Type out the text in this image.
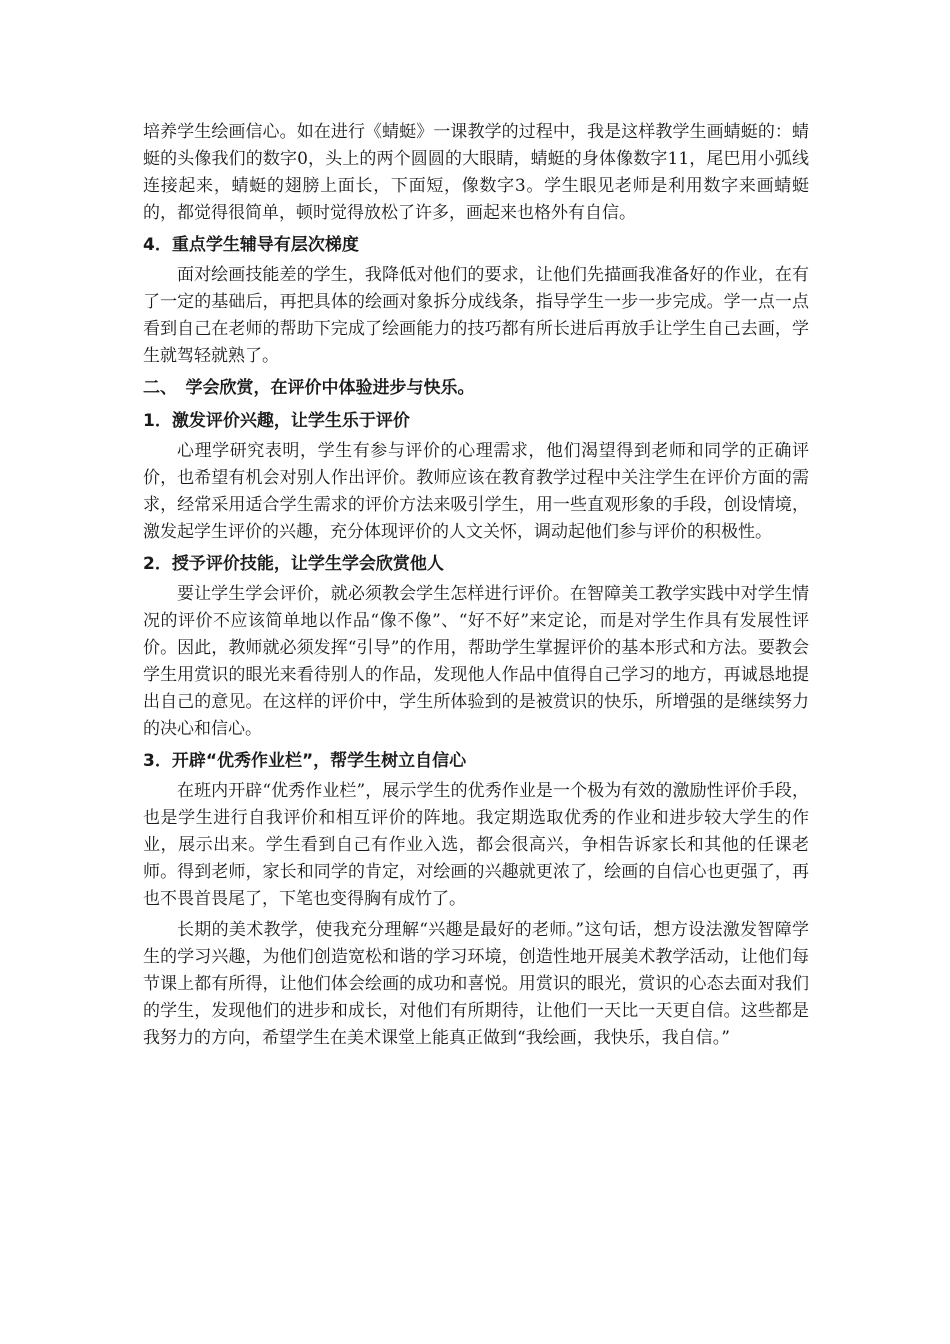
培养学生绘画信心。如在进行《蜻蜓》一课教学的过程中，我是这样教学生画蜻蜓的：蜻蜓的头像我们的数字0，头上的两个圆圆的大眼睛，蜻蜓的身体像数字11，尾巴用小弧线连接起来，蜻蜓的翅膀上面长，下面短，像数字3。学生眼见老师是利用数字来画蜻蜓的，都觉得很简单，顿时觉得放松了许多，画起来也格外有自信。

4．重点学生辅导有层次梯度

面对绘画技能差的学生，我降低对他们的要求，让他们先描画我准备好的作业，在有了一定的基础后，再把具体的绘画对象拆分成线条，指导学生一步一步完成。学一点一点看到自己在老师的帮助下完成了绘画能力的技巧都有所长进后再放手让学生自己去画，学生就驾轻就熟了。

二、　学会欣赏，在评价中体验进步与快乐。
1．激发评价兴趣，让学生乐于评价

心理学研究表明，学生有参与评价的心理需求，他们渴望得到老师和同学的正确评价，也希望有机会对别人作出评价。教师应该在教育教学过程中关注学生在评价方面的需求，经常采用适合学生需求的评价方法来吸引学生，用一些直观形象的手段，创设情境，激发起学生评价的兴趣，充分体现评价的人文关怀，调动起他们参与评价的积极性。

2．授予评价技能，让学生学会欣赏他人

要让学生学会评价，就必须教会学生怎样进行评价。在智障美工教学实践中对学生情况的评价不应该简单地以作品“像不像”、“好不好”来定论，而是对学生作具有发展性评价。因此，教师就必须发挥“引导”的作用，帮助学生掌握评价的基本形式和方法。要教会学生用赏识的眼光来看待别人的作品，发现他人作品中值得自己学习的地方，再诚恳地提出自己的意见。在这样的评价中，学生所体验到的是被赏识的快乐，所增强的是继续努力的决心和信心。

3．开辟“优秀作业栏”，帮学生树立自信心

在班内开辟“优秀作业栏”，展示学生的优秀作业是一个极为有效的激励性评价手段，也是学生进行自我评价和相互评价的阵地。我定期选取优秀的作业和进步较大学生的作业，展示出来。学生看到自己有作业入选，都会很高兴，争相告诉家长和其他的任课老师。得到老师，家长和同学的肯定，对绘画的兴趣就更浓了，绘画的自信心也更强了，再也不畏首畏尾了，下笔也变得胸有成竹了。

长期的美术教学，使我充分理解“兴趣是最好的老师。”这句话，想方设法激发智障学生的学习兴趣，为他们创造宽松和谐的学习环境，创造性地开展美术教学活动，让他们每节课上都有所得，让他们体会绘画的成功和喜悦。用赏识的眼光，赏识的心态去面对我们的学生，发现他们的进步和成长，对他们有所期待，让他们一天比一天更自信。这些都是我努力的方向，希望学生在美术课堂上能真正做到“我绘画，我快乐，我自信。”
